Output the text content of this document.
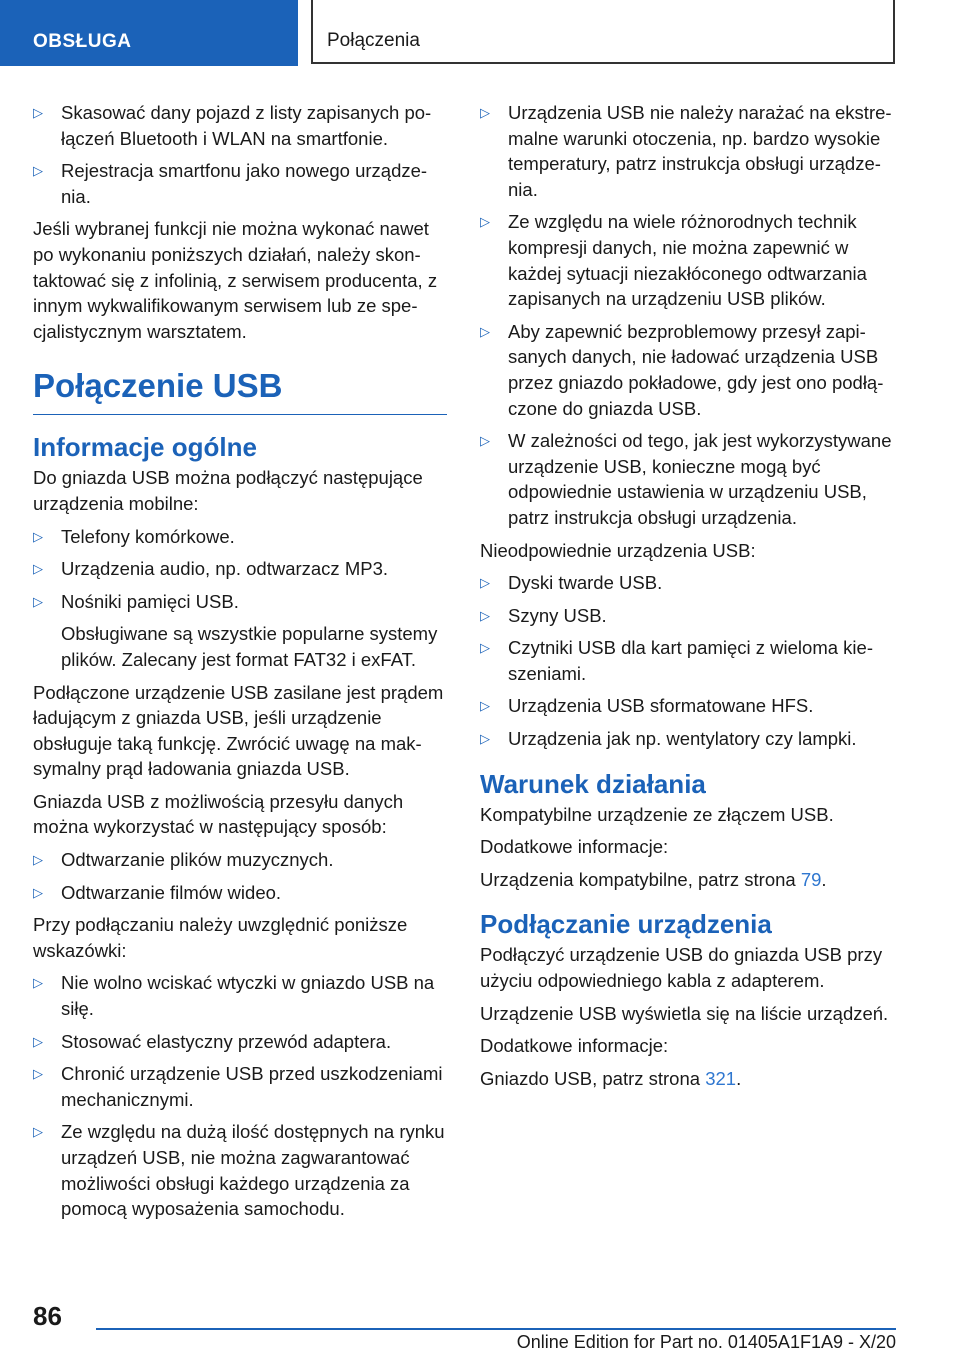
OBSŁUGA	Połączenia
▷ Skasować dany pojazd z listy zapisanych połączeń Bluetooth i WLAN na smartfonie.
▷ Rejestracja smartfonu jako nowego urządzenia.

Jeśli wybranej funkcji nie można wykonać nawet po wykonaniu poniższych działań, należy skontaktować się z infolinią, z serwisem producenta, z innym wykwalifikowanym serwisem lub ze specjalistycznym warsztatem.

Połączenie USB
Informacje ogólne

Do gniazda USB można podłączyć następujące urządzenia mobilne:

▷ Telefony komórkowe.
▷ Urządzenia audio, np. odtwarzacz MP3.
▷ Nośniki pamięci USB.

Obsługiwane są wszystkie popularne systemy plików. Zalecany jest format FAT32 i exFAT.

Podłączone urządzenie USB zasilane jest prądem ładującym z gniazda USB, jeśli urządzenie obsługuje taką funkcję. Zwrócić uwagę na maksymalny prąd ładowania gniazda USB.

Gniazda USB z możliwością przesyłu danych można wykorzystać w następujący sposób:

▷ Odtwarzanie plików muzycznych.
▷ Odtwarzanie filmów wideo.

Przy podłączaniu należy uwzględnić poniższe wskazówki:

▷ Nie wolno wciskać wtyczki w gniazdo USB na siłę.
▷ Stosować elastyczny przewód adaptera.
▷ Chronić urządzenie USB przed uszkodzeniami mechanicznymi.
▷ Ze względu na dużą ilość dostępnych na rynku urządzeń USB, nie można zagwarantować możliwości obsługi każdego urządzenia za pomocą wyposażenia samochodu.
▷ Urządzenia USB nie należy narażać na ekstremalne warunki otoczenia, np. bardzo wysokie temperatury, patrz instrukcja obsługi urządzenia.
▷ Ze względu na wiele różnorodnych technik kompresji danych, nie można zapewnić w każdej sytuacji niezakłóconego odtwarzania zapisanych na urządzeniu USB plików.
▷ Aby zapewnić bezproblemowy przesył zapisanych danych, nie ładować urządzenia USB przez gniazdo pokładowe, gdy jest ono podłączone do gniazda USB.
▷ W zależności od tego, jak jest wykorzystywane urządzenie USB, konieczne mogą być odpowiednie ustawienia w urządzeniu USB, patrz instrukcja obsługi urządzenia.

Nieodpowiednie urządzenia USB:

▷ Dyski twarde USB.
▷ Szyny USB.
▷ Czytniki USB dla kart pamięci z wieloma kieszeniami.
▷ Urządzenia USB sformatowane HFS.
▷ Urządzenia jak np. wentylatory czy lampki.
Warunek działania

Kompatybilne urządzenie ze złączem USB.

Dodatkowe informacje:

Urządzenia kompatybilne, patrz strona 79.

Podłączanie urządzenia

Podłączyć urządzenie USB do gniazda USB przy użyciu odpowiedniego kabla z adapterem.

Urządzenie USB wyświetla się na liście urządzeń.

Dodatkowe informacje:

Gniazdo USB, patrz strona 321.

86
Online Edition for Part no. 01405A1F1A9 - X/20
